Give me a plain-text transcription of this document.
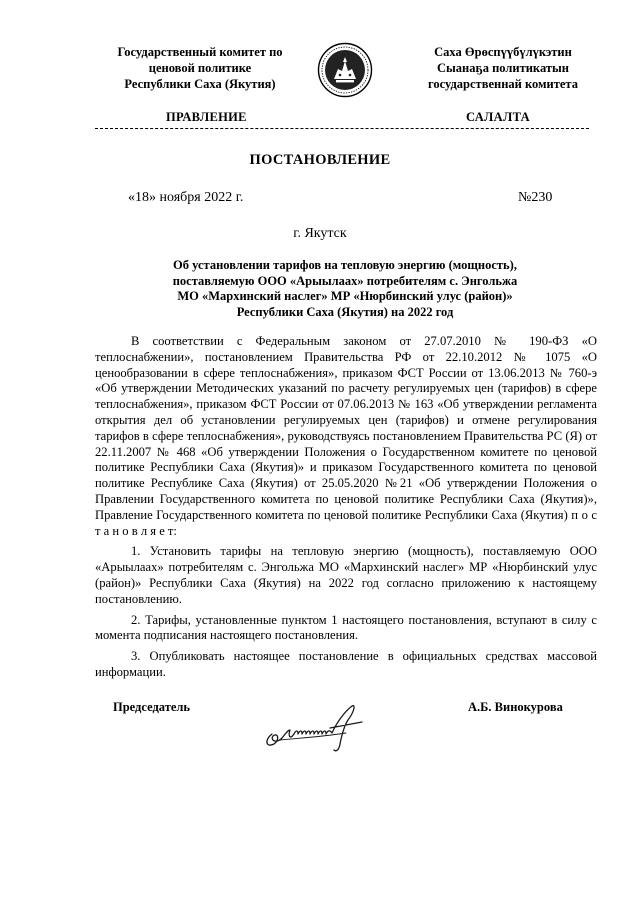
Государственный комитет по
ценовой политике
Республики Саха (Якутия)
Саха Өрөспүүбүлүкэтин
Сыанаҕа политикатын
государственнай комитета
ПРАВЛЕНИЕ	САЛАЛТА
ПОСТАНОВЛЕНИЕ
«18» ноября 2022 г.	№230
г. Якутск
Об установлении тарифов на тепловую энергию (мощность),
поставляемую ООО «Арыылаах» потребителям с. Энгольжа
МО «Мархинский наслег» МР «Нюрбинский улус (район)»
Республики Саха (Якутия) на 2022 год

В соответствии с Федеральным законом от 27.07.2010 № 190-ФЗ «О теплоснабжении», постановлением Правительства РФ от 22.10.2012 № 1075 «О ценообразовании в сфере теплоснабжения», приказом ФСТ России от 13.06.2013 № 760-э «Об утверждении Методических указаний по расчету регулируемых цен (тарифов) в сфере теплоснабжения», приказом ФСТ России от 07.06.2013 № 163 «Об утверждении регламента открытия дел об установлении регулируемых цен (тарифов) и отмене регулирования тарифов в сфере теплоснабжения», руководствуясь постановлением Правительства РС (Я) от 22.11.2007 № 468 «Об утверждении Положения о Государственном комитете по ценовой политике Республики Саха (Якутия)» и приказом Государственного комитета по ценовой политике Республике Саха (Якутия) от 25.05.2020 №21 «Об утверждении Положения о Правлении Государственного комитета по ценовой политике Республики Саха (Якутия)», Правление Государственного комитета по ценовой политике Республики Саха (Якутия) п о с т а н о в л я е т:

1. Установить тарифы на тепловую энергию (мощность), поставляемую ООО «Арыылаах» потребителям с. Энгольжа МО «Мархинский наслег» МР «Нюрбинский улус (район)» Республики Саха (Якутия) на 2022 год согласно приложению к настоящему постановлению.

2. Тарифы, установленные пунктом 1 настоящего постановления, вступают в силу с момента подписания настоящего постановления.

3. Опубликовать настоящее постановление в официальных средствах массовой информации.

Председатель	А.Б. Винокурова
